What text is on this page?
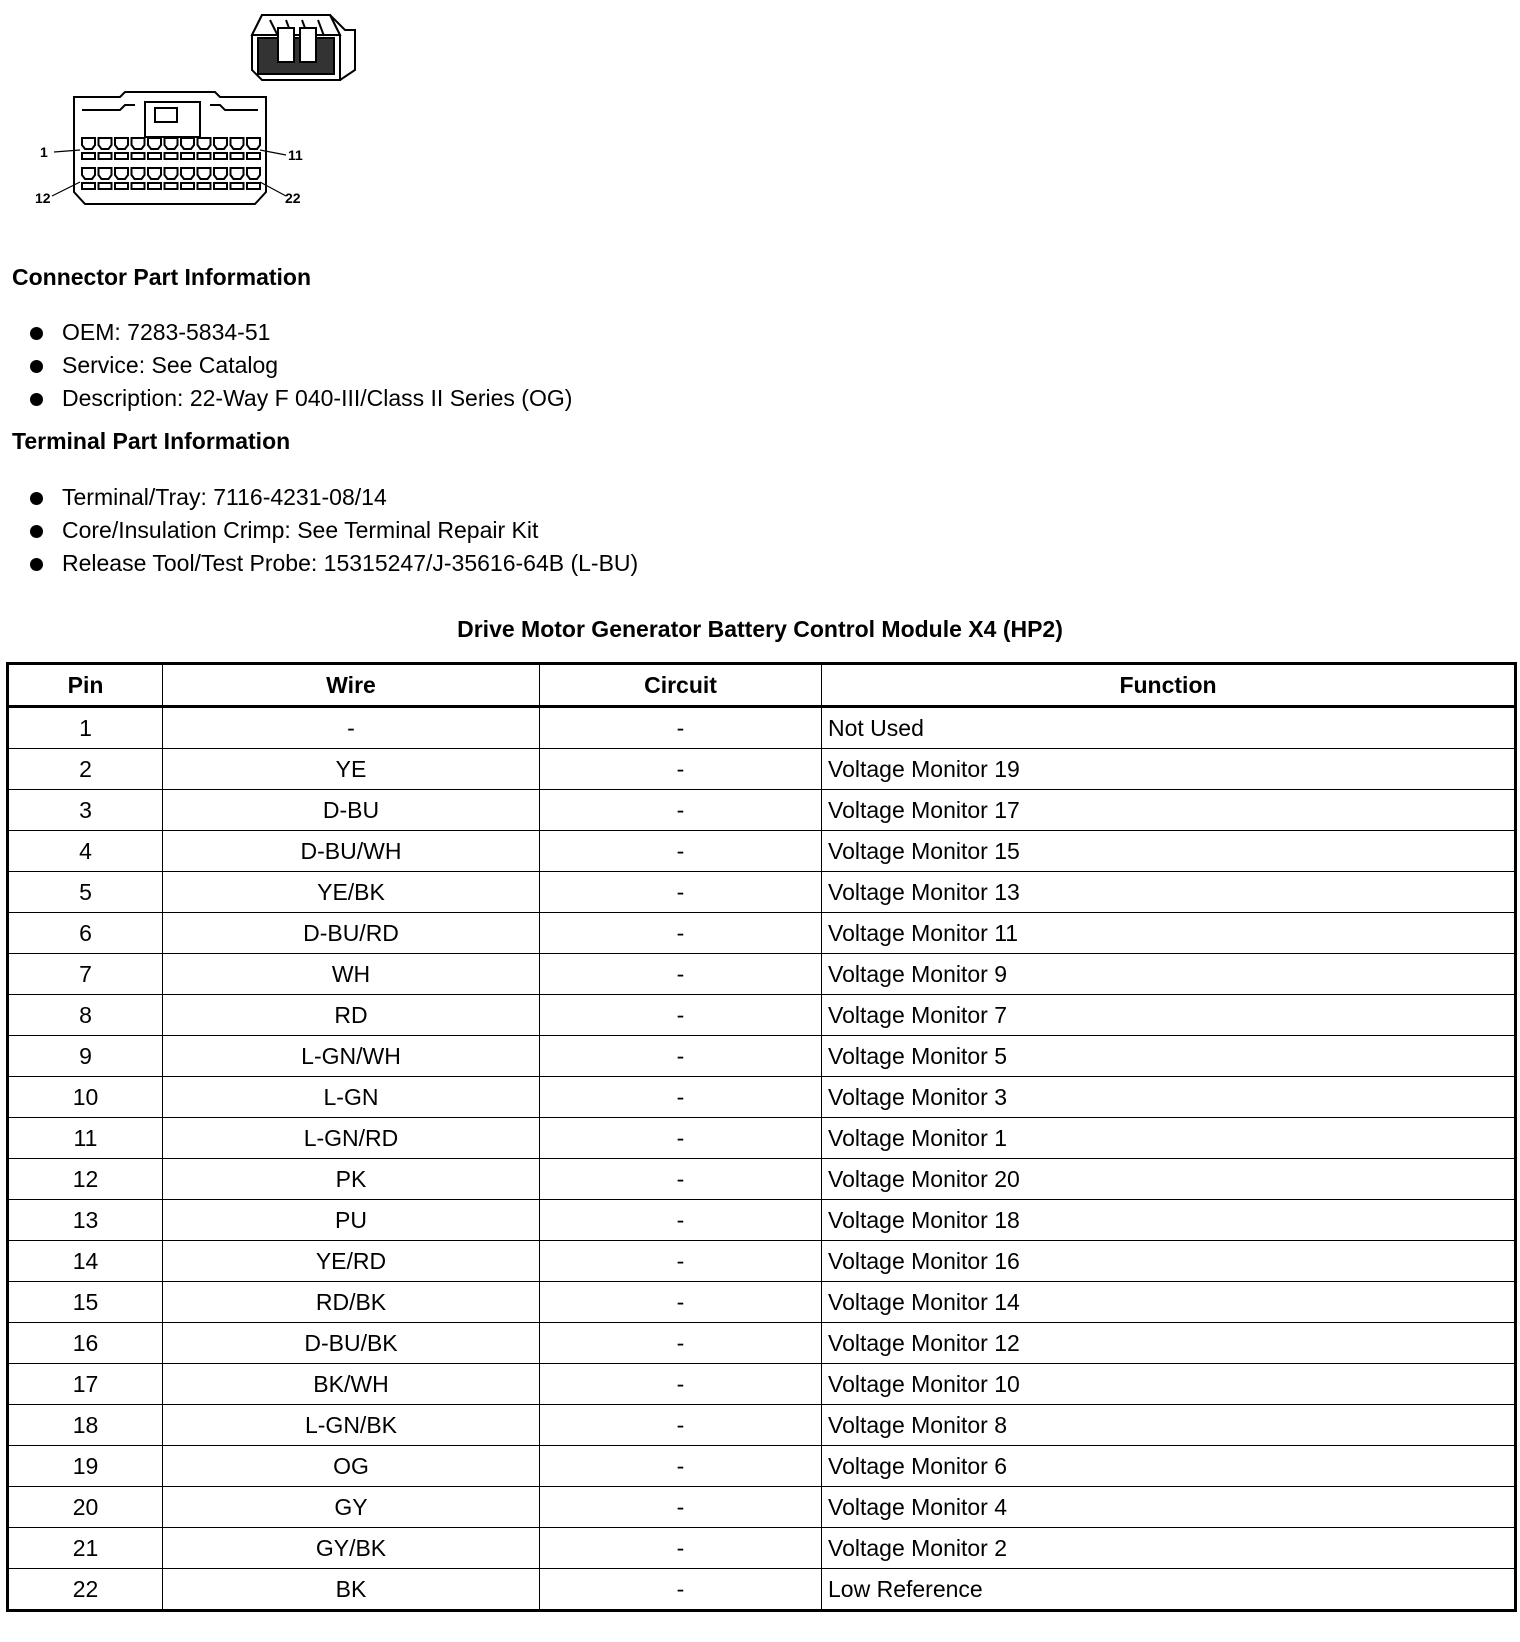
1	11
12	22
Connector Part Information
OEM: 7283-5834-51
Service: See Catalog
Description: 22-Way F 040-III/Class II Series (OG)
Terminal Part Information
Terminal/Tray: 7116-4231-08/14
Core/Insulation Crimp: See Terminal Repair Kit
Release Tool/Test Probe: 15315247/J-35616-64B (L-BU)
Drive Motor Generator Battery Control Module X4 (HP2)
Pin	Wire	Circuit	Function
1	-	-	Not Used
2	YE	-	Voltage Monitor 19
3	D-BU	-	Voltage Monitor 17
4	D-BU/WH	-	Voltage Monitor 15
5	YE/BK	-	Voltage Monitor 13
6	D-BU/RD	-	Voltage Monitor 11
7	WH	-	Voltage Monitor 9
8	RD	-	Voltage Monitor 7
9	L-GN/WH	-	Voltage Monitor 5
10	L-GN	-	Voltage Monitor 3
11	L-GN/RD	-	Voltage Monitor 1
12	PK	-	Voltage Monitor 20
13	PU	-	Voltage Monitor 18
14	YE/RD	-	Voltage Monitor 16
15	RD/BK	-	Voltage Monitor 14
16	D-BU/BK	-	Voltage Monitor 12
17	BK/WH	-	Voltage Monitor 10
18	L-GN/BK	-	Voltage Monitor 8
19	OG	-	Voltage Monitor 6
20	GY	-	Voltage Monitor 4
21	GY/BK	-	Voltage Monitor 2
22	BK	-	Low Reference
